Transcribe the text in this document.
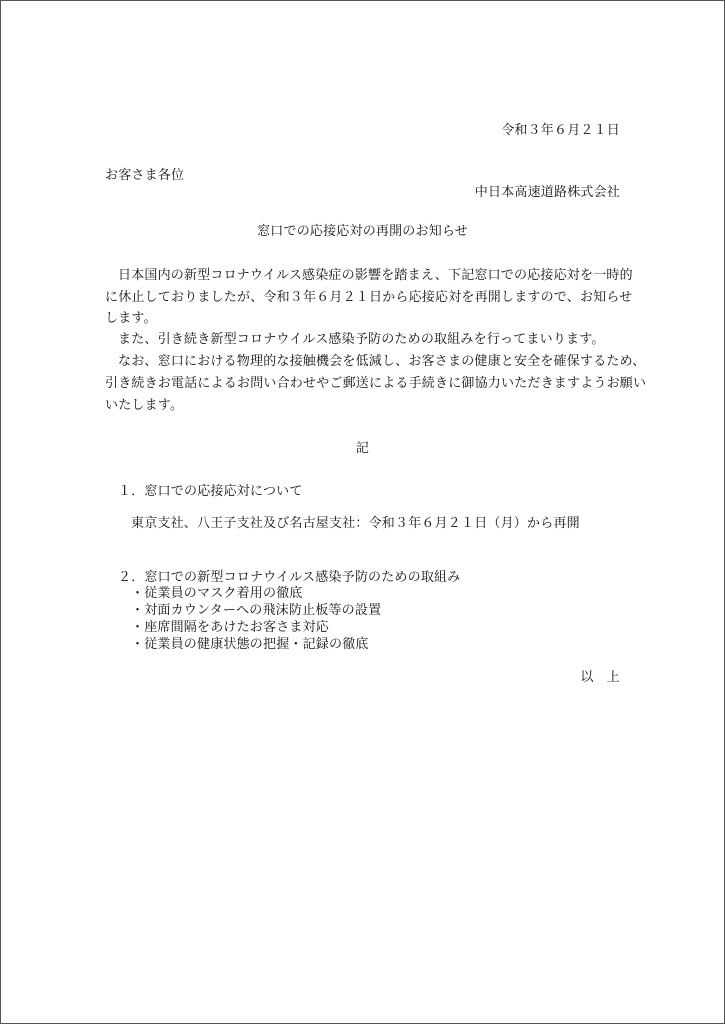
令和３年６月２１日
お客さま各位
中日本高速道路株式会社
窓口での応接応対の再開のお知らせ
日本国内の新型コロナウイルス感染症の影響を踏まえ、下記窓口での応接応対を一時的
に休止しておりましたが、令和３年６月２１日から応接応対を再開しますので、お知らせ
します。
また、引き続き新型コロナウイルス感染予防のための取組みを行ってまいります。
なお、窓口における物理的な接触機会を低減し、お客さまの健康と安全を確保するため、
引き続きお電話によるお問い合わせやご郵送による手続きに御協力いただきますようお願い
いたします。
記
１．窓口での応接応対について
東京支社、八王子支社及び名古屋支社：令和３年６月２１日（月）から再開
２．窓口での新型コロナウイルス感染予防のための取組み
・従業員のマスク着用の徹底
・対面カウンターへの飛沫防止板等の設置
・座席間隔をあけたお客さま対応
・従業員の健康状態の把握・記録の徹底
以　上
